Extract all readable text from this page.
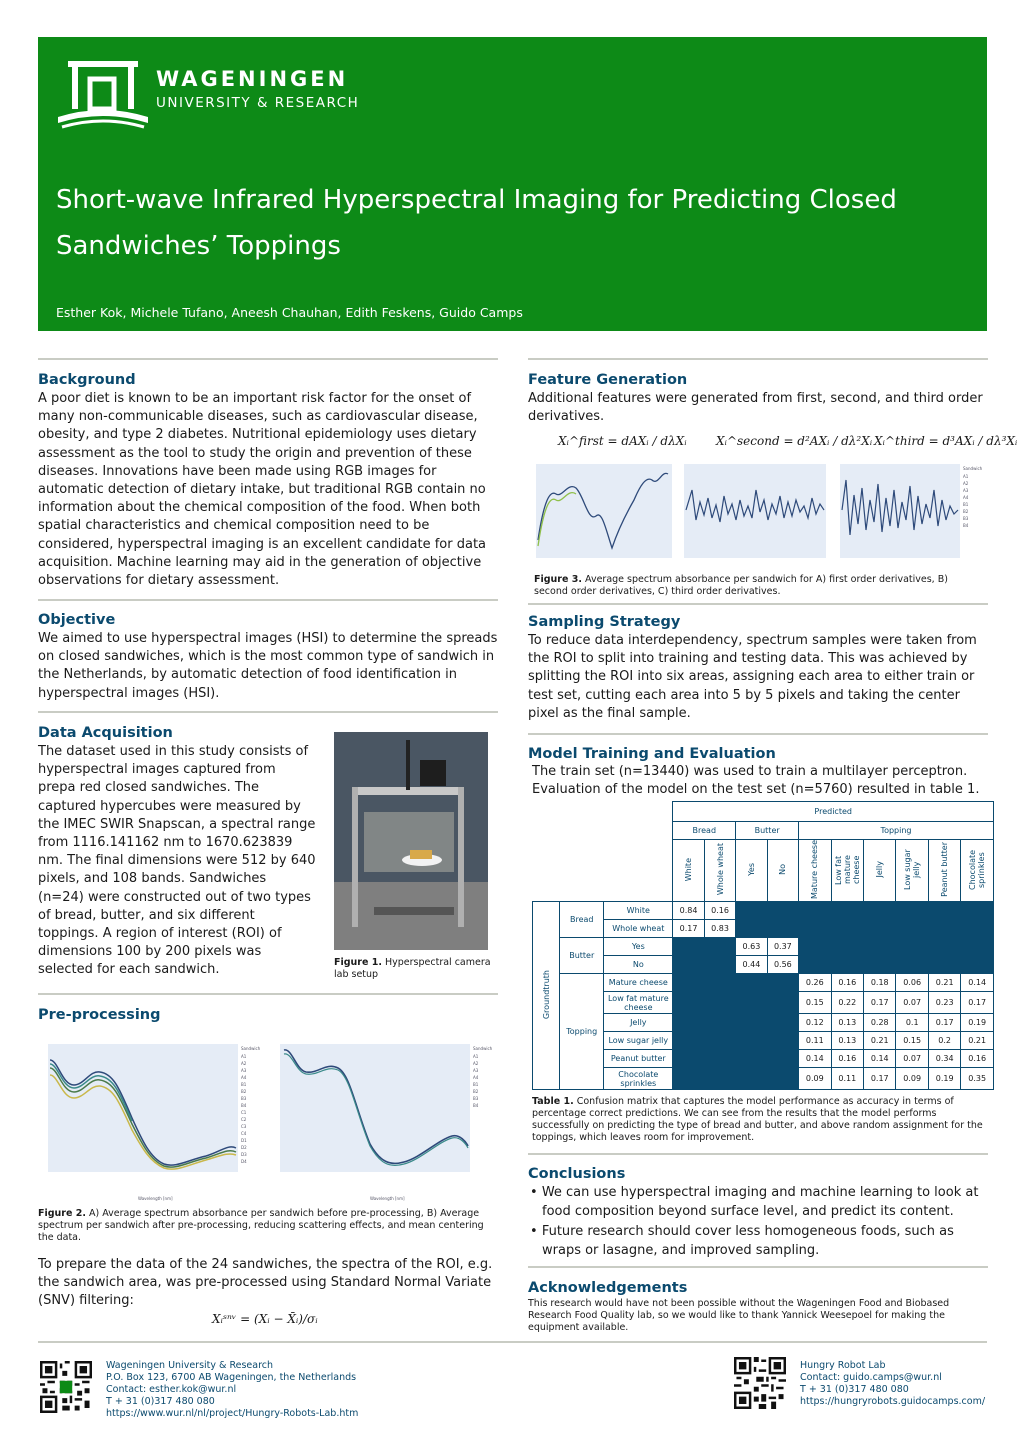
WAGENINGEN
UNIVERSITY & RESEARCH
Short-wave Infrared Hyperspectral Imaging for Predicting Closed Sandwiches’ Toppings
Esther Kok, Michele Tufano, Aneesh Chauhan, Edith Feskens, Guido Camps
Background
A poor diet is known to be an important risk factor for the onset of many non-communicable diseases, such as cardiovascular disease, obesity, and type 2 diabetes. Nutritional epidemiology uses dietary assessment as the tool to study the origin and prevention of these diseases. Innovations have been made using RGB images for automatic detection of dietary intake, but traditional RGB contain no information about the chemical composition of the food. When both spatial characteristics and chemical composition need to be considered, hyperspectral imaging is an excellent candidate for data acquisition. Machine learning may aid in the generation of objective observations for dietary assessment.
Objective
We aimed to use hyperspectral images (HSI) to determine the spreads on closed sandwiches, which is the most common type of sandwich in the Netherlands, by automatic detection of food identification in hyperspectral images (HSI).
Data Acquisition
The dataset used in this study consists of hyperspectral images captured from prepa red closed sandwiches. The captured hypercubes were measured by the IMEC SWIR Snapscan, a spectral range from 1116.141162 nm to 1670.623839 nm. The final dimensions were 512 by 640 pixels, and 108 bands. Sandwiches (n=24) were constructed out of two types of bread, butter, and six different toppings. A region of interest (ROI) of dimensions 100 by 200 pixels was selected for each sandwich.	Figure 1. Hyperspectral camera lab setup
Pre-processing
Sandwich
A1
A2
A3
A4
B1
B2
B3
B4
C1
C2
C3
C4
D1
D2
D3
D4
Wavelength [nm]
Sandwich
A1
A2
A3
A4
B1
B2
B3
B4
Wavelength [nm]
Figure 2. A) Average spectrum absorbance per sandwich before pre-processing, B) Average spectrum per sandwich after pre-processing, reducing scattering effects, and mean centering the data.
To prepare the data of the 24 sandwiches, the spectra of the ROI, e.g. the sandwich area, was pre-processed using Standard Normal Variate (SNV) filtering:
Xᵢˢⁿᵛ = (Xᵢ − X̄ᵢ)/σᵢ
Feature Generation
Additional features were generated from first, second, and third order derivatives.
Xᵢ^first = dAXᵢ / dλXᵢ Xᵢ^second = d²AXᵢ / dλ²Xᵢ Xᵢ^third = d³AXᵢ / dλ³Xᵢ
Sandwich
A1
A2
A3
A4
B1
B2
B3
B4
Figure 3. Average spectrum absorbance per sandwich for A) first order derivatives, B) second order derivatives, C) third order derivatives.
Sampling Strategy
To reduce data interdependency, spectrum samples were taken from the ROI to split into training and testing data. This was achieved by splitting the ROI into six areas, assigning each area to either train or test set, cutting each area into 5 by 5 pixels and taking the center pixel as the final sample.
Model Training and Evaluation
The train set (n=13440) was used to train a multilayer perceptron. Evaluation of the model on the test set (n=5760) resulted in table 1.
			Predicted									
			Bread		Butter		Topping					
			White	Whole wheat	Yes	No	Mature cheese	Low fat mature cheese	Jelly	Low sugar jelly	Peanut butter	Chocolate sprinkles
Groundtruth	Bread	White	0.84	0.16								
		Whole wheat	0.17	0.83								
	Butter	Yes			0.63	0.37						
		No			0.44	0.56						
	Topping	Mature cheese					0.26	0.16	0.18	0.06	0.21	0.14
		Low fat mature cheese					0.15	0.22	0.17	0.07	0.23	0.17
		Jelly					0.12	0.13	0.28	0.1	0.17	0.19
		Low sugar jelly					0.11	0.13	0.21	0.15	0.2	0.21
		Peanut butter					0.14	0.16	0.14	0.07	0.34	0.16
		Chocolate sprinkles					0.09	0.11	0.17	0.09	0.19	0.35
Table 1. Confusion matrix that captures the model performance as accuracy in terms of percentage correct predictions. We can see from the results that the model performs successfully on predicting the type of bread and butter, and above random assignment for the toppings, which leaves room for improvement.
Conclusions
• We can use hyperspectral imaging and machine learning to look at food composition beyond surface level, and predict its content.
• Future research should cover less homogeneous foods, such as wraps or lasagne, and improved sampling.
Acknowledgements
This research would have not been possible without the Wageningen Food and Biobased Research Food Quality lab, so we would like to thank Yannick Weesepoel for making the equipment available.
Wageningen University & Research
P.O. Box 123, 6700 AB Wageningen, the Netherlands
Contact: esther.kok@wur.nl
T + 31 (0)317 480 080
https://www.wur.nl/nl/project/Hungry-Robots-Lab.htm
Hungry Robot Lab
Contact: guido.camps@wur.nl
T + 31 (0)317 480 080
https://hungryrobots.guidocamps.com/
